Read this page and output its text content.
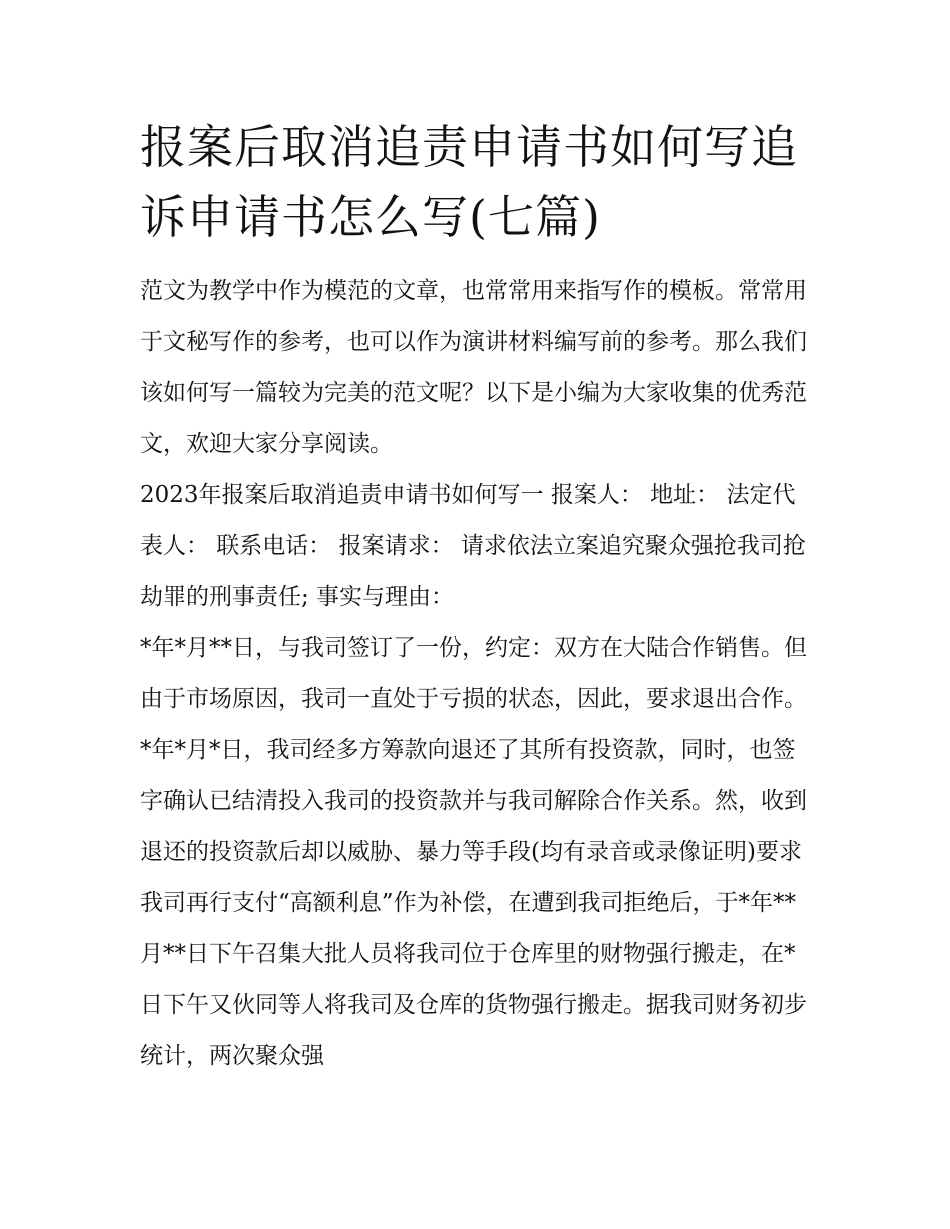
报案后取消追责申请书如何写追诉申请书怎么写(七篇)

范文为教学中作为模范的文章，也常常用来指写作的模板。常常用于文秘写作的参考，也可以作为演讲材料编写前的参考。那么我们该如何写一篇较为完美的范文呢？以下是小编为大家收集的优秀范文，欢迎大家分享阅读。

2023年报案后取消追责申请书如何写一 报案人： 地址： 法定代表人： 联系电话： 报案请求： 请求依法立案追究聚众强抢我司抢劫罪的刑事责任; 事实与理由：

*年*月**日，与我司签订了一份，约定：双方在大陆合作销售。但由于市场原因，我司一直处于亏损的状态，因此，要求退出合作。*年*月*日，我司经多方筹款向退还了其所有投资款，同时，也签字确认已结清投入我司的投资款并与我司解除合作关系。然，收到退还的投资款后却以威胁、暴力等手段(均有录音或录像证明)要求我司再行支付“高额利息”作为补偿，在遭到我司拒绝后，于*年**月**日下午召集大批人员将我司位于仓库里的财物强行搬走，在*日下午又伙同等人将我司及仓库的货物强行搬走。据我司财务初步统计，两次聚众强
